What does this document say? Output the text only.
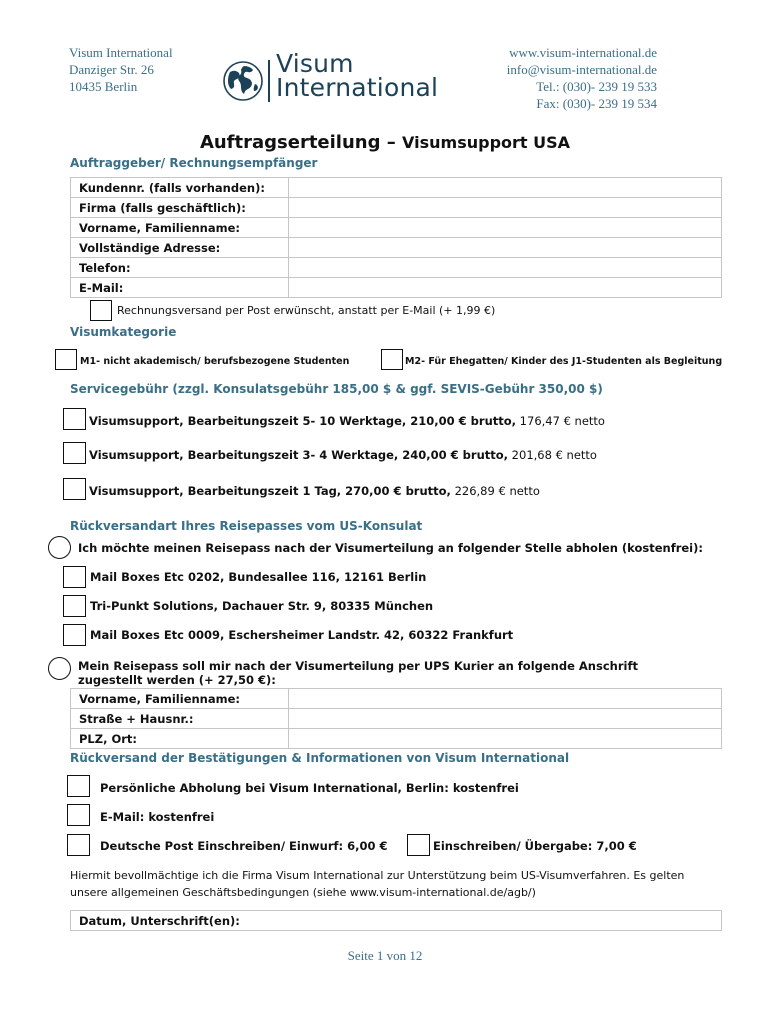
Visum International
Danziger Str. 26
10435 Berlin
Visum
International
www.visum-international.de
info@visum-international.de
Tel.: (030)- 239 19 533
Fax: (030)- 239 19 534
Auftragserteilung – Visumsupport USA
Auftraggeber/ Rechnungsempfänger
Kundennr. (falls vorhanden):	
Firma (falls geschäftlich):	
Vorname, Familienname:	
Vollständige Adresse:	
Telefon:	
E-Mail:	
Rechnungsversand per Post erwünscht, anstatt per E-Mail (+ 1,99 €)
Visumkategorie
M1- nicht akademisch/ berufsbezogene Studenten	M2- Für Ehegatten/ Kinder des J1-Studenten als Begleitung
Servicegebühr (zzgl. Konsulatsgebühr 185,00 $ & ggf. SEVIS-Gebühr 350,00 $)
Visumsupport, Bearbeitungszeit 5- 10 Werktage, 210,00 € brutto, 176,47 € netto
Visumsupport, Bearbeitungszeit 3- 4 Werktage, 240,00 € brutto, 201,68 € netto
Visumsupport, Bearbeitungszeit 1 Tag, 270,00 € brutto, 226,89 € netto
Rückversandart Ihres Reisepasses vom US-Konsulat
Ich möchte meinen Reisepass nach der Visumerteilung an folgender Stelle abholen (kostenfrei):
Mail Boxes Etc 0202, Bundesallee 116, 12161 Berlin
Tri-Punkt Solutions, Dachauer Str. 9, 80335 München
Mail Boxes Etc 0009, Eschersheimer Landstr. 42, 60322 Frankfurt
Mein Reisepass soll mir nach der Visumerteilung per UPS Kurier an folgende Anschrift
zugestellt werden (+ 27,50 €):
Vorname, Familienname:	
Straße + Hausnr.:	
PLZ, Ort:	
Rückversand der Bestätigungen & Informationen von Visum International
Persönliche Abholung bei Visum International, Berlin: kostenfrei
E-Mail: kostenfrei
Deutsche Post Einschreiben/ Einwurf: 6,00 €	Einschreiben/ Übergabe: 7,00 €
Hiermit bevollmächtige ich die Firma Visum International zur Unterstützung beim US-Visumverfahren. Es gelten unsere allgemeinen Geschäftsbedingungen (siehe www.visum-international.de/agb/)
Datum, Unterschrift(en):
Seite 1 von 12
